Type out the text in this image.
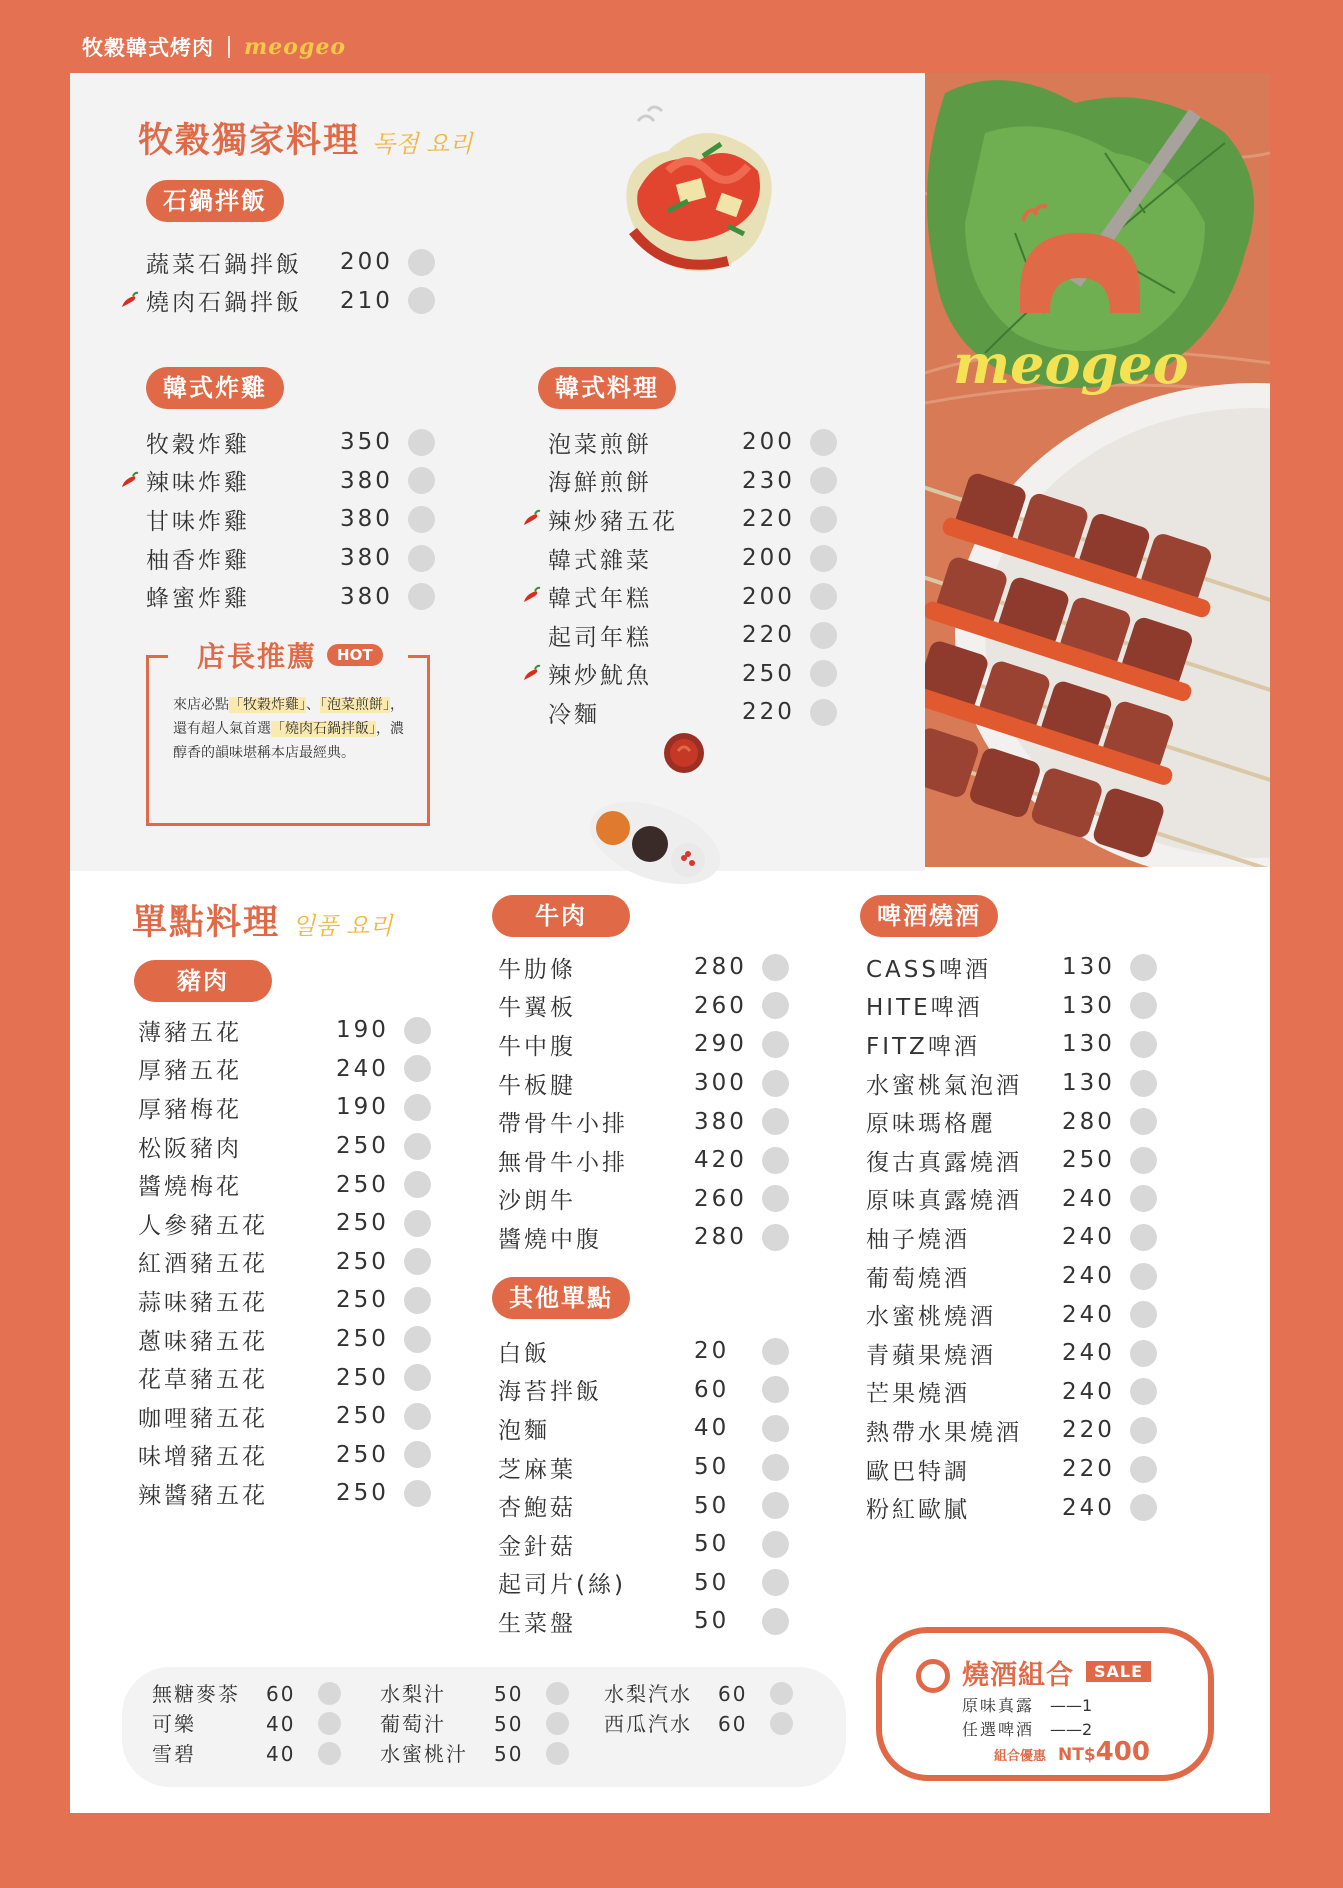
牧穀韓式烤肉 meogeo
meogeo
牧穀獨家料理 독점 요리
石鍋拌飯
蔬菜石鍋拌飯 200
燒肉石鍋拌飯 210
韓式炸雞
牧穀炸雞	350
辣味炸雞	380
甘味炸雞	380
柚香炸雞	380
蜂蜜炸雞	380
韓式料理
泡菜煎餅	200
海鮮煎餅	230
辣炒豬五花	220
韓式雜菜	200
韓式年糕	200
起司年糕	220
辣炒魷魚	250
冷麵	220
店長推薦	HOT
來店必點「牧穀炸雞」、「泡菜煎餅」，還有超人氣首選「燒肉石鍋拌飯」，濃醇香的韻味堪稱本店最經典。
單點料理 일품 요리
豬肉
薄豬五花	190
厚豬五花	240
厚豬梅花	190
松阪豬肉	250
醬燒梅花	250
人參豬五花	250
紅酒豬五花	250
蒜味豬五花	250
蔥味豬五花	250
花草豬五花	250
咖哩豬五花	250
味增豬五花	250
辣醬豬五花	250
牛肉
牛肋條	280
牛翼板	260
牛中腹	290
牛板腱	300
帶骨牛小排	380
無骨牛小排	420
沙朗牛	260
醬燒中腹	280
其他單點
白飯	20
海苔拌飯	60
泡麵	40
芝麻葉	50
杏鮑菇	50
金針菇	50
起司片(絲)	50
生菜盤	50
啤酒燒酒
CASS啤酒	130
HITE啤酒	130
FITZ啤酒	130
水蜜桃氣泡酒 130
原味瑪格麗	280
復古真露燒酒 250
原味真露燒酒 240
柚子燒酒	240
葡萄燒酒	240
水蜜桃燒酒	240
青蘋果燒酒	240
芒果燒酒	240
熱帶水果燒酒 220
歐巴特調	220
粉紅歐膩	240
無糖麥茶 60
可樂	40
雪碧	40
水梨汁 50
葡萄汁 50
水蜜桃汁 50
水梨汽水 60
西瓜汽水 60
燒酒組合	SALE
原味真露 ——1
任選啤酒 ——2
組合優惠 NT$ 400
